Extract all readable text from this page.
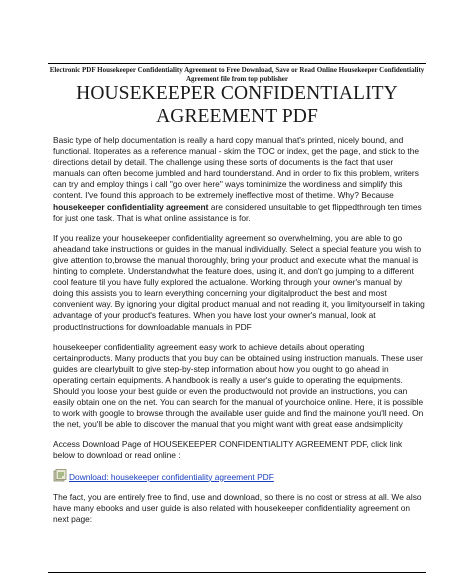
Electronic PDF Housekeeper Confidentiality Agreement to Free Download, Save or Read Online Housekeeper Confidentiality Agreement file from top publisher
HOUSEKEEPER CONFIDENTIALITY
AGREEMENT PDF

Basic type of help documentation is really a hard copy manual that's printed, nicely bound, and functional. Itoperates as a reference manual - skim the TOC or index, get the page, and stick to the directions detail by detail. The challenge using these sorts of documents is the fact that user manuals can often become jumbled and hard tounderstand. And in order to fix this problem, writers can try and employ things i call "go over here" ways tominimize the wordiness and simplify this content. I've found this approach to be extremely ineffective most of thetime. Why? Because housekeeper confidentiality agreement are considered unsuitable to get flippedthrough ten times for just one task. That is what online assistance is for.

If you realize your housekeeper confidentiality agreement so overwhelming, you are able to go aheadand take instructions or guides in the manual individually. Select a special feature you wish to give attention to,browse the manual thoroughly, bring your product and execute what the manual is hinting to complete. Understandwhat the feature does, using it, and don't go jumping to a different cool feature til you have fully explored the actualone. Working through your owner's manual by doing this assists you to learn everything concerning your digitalproduct the best and most convenient way. By ignoring your digital product manual and not reading it, you limityourself in taking advantage of your product's features. When you have lost your owner's manual, look at productInstructions for downloadable manuals in PDF

housekeeper confidentiality agreement easy work to achieve details about operating certainproducts. Many products that you buy can be obtained using instruction manuals. These user guides are clearlybuilt to give step-by-step information about how you ought to go ahead in operating certain equipments. A handbook is really a user's guide to operating the equipments. Should you loose your best guide or even the productwould not provide an instructions, you can easily obtain one on the net. You can search for the manual of yourchoice online. Here, it is possible to work with google to browse through the available user guide and find the mainone you'll need. On the net, you'll be able to discover the manual that you might want with great ease andsimplicity

Access Download Page of HOUSEKEEPER CONFIDENTIALITY AGREEMENT PDF, click link below to download or read online :

Download: housekeeper confidentiality agreement PDF

The fact, you are entirely free to find, use and download, so there is no cost or stress at all. We also have many ebooks and user guide is also related with housekeeper confidentiality agreement on next page:
